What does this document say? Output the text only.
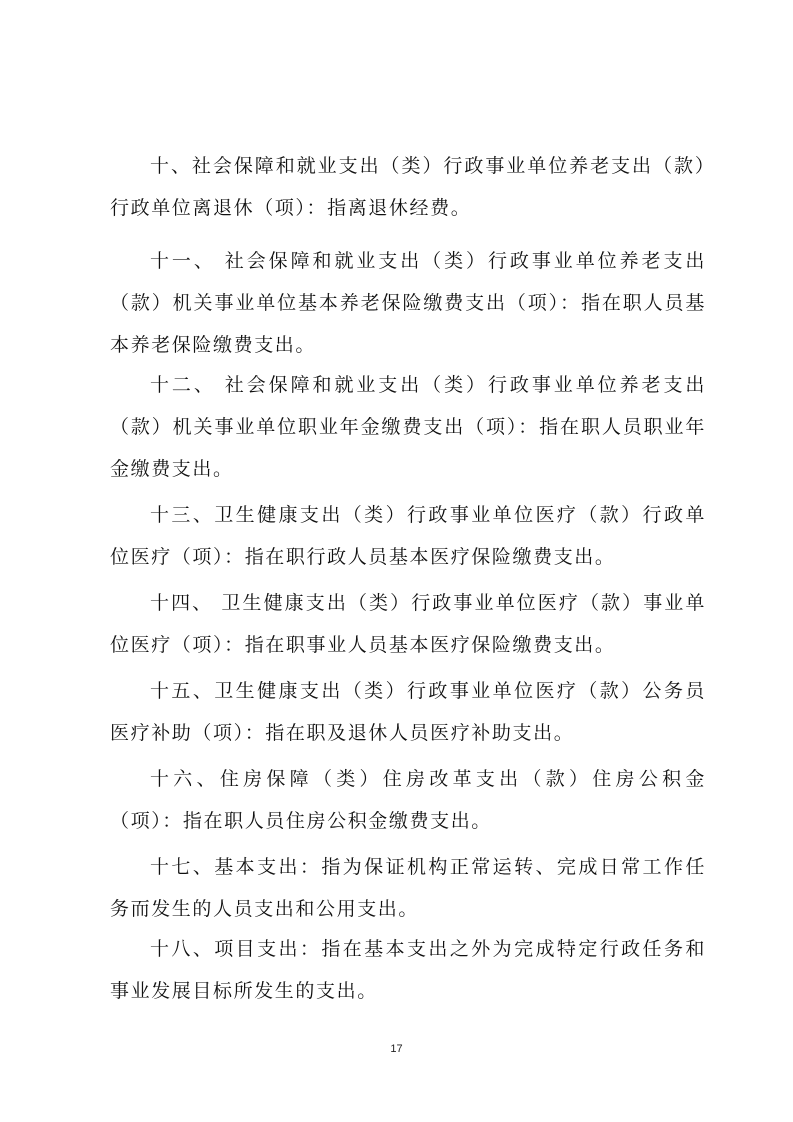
十、社会保障和就业支出（类）行政事业单位养老支出（款）行政单位离退休（项）：指离退休经费。

十一、 社会保障和就业支出（类）行政事业单位养老支出（款）机关事业单位基本养老保险缴费支出（项）：指在职人员基本养老保险缴费支出。

十二、 社会保障和就业支出（类）行政事业单位养老支出（款）机关事业单位职业年金缴费支出（项）：指在职人员职业年金缴费支出。

十三、卫生健康支出（类）行政事业单位医疗（款）行政单位医疗（项）：指在职行政人员基本医疗保险缴费支出。

十四、 卫生健康支出（类）行政事业单位医疗（款）事业单位医疗（项）：指在职事业人员基本医疗保险缴费支出。

十五、卫生健康支出（类）行政事业单位医疗（款）公务员医疗补助（项）：指在职及退休人员医疗补助支出。

十六、住房保障（类）住房改革支出（款）住房公积金（项）：指在职人员住房公积金缴费支出。

十七、基本支出：指为保证机构正常运转、完成日常工作任务而发生的人员支出和公用支出。

十八、项目支出：指在基本支出之外为完成特定行政任务和事业发展目标所发生的支出。

17
